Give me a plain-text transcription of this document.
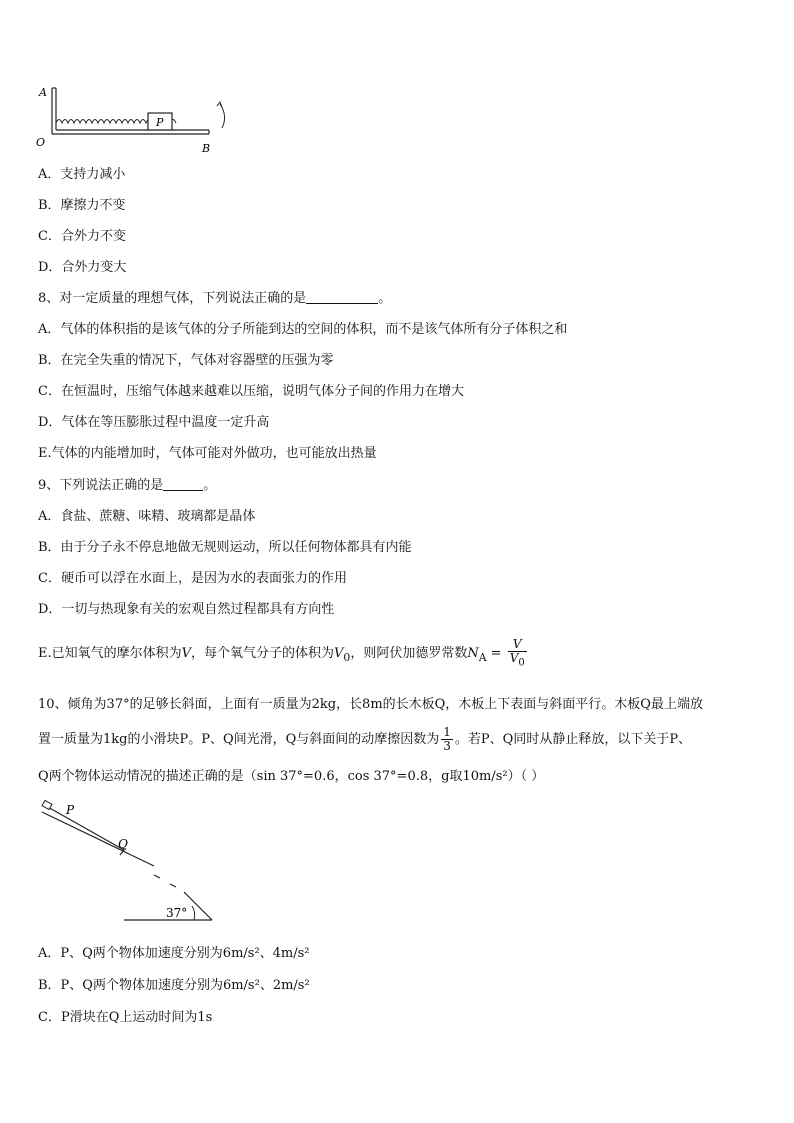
A
O	B
P
A．支持力减小
B．摩擦力不变
C．合外力不变
D．合外力变大
8、对一定质量的理想气体，下列说法正确的是	。
A．气体的体积指的是该气体的分子所能到达的空间的体积，而不是该气体所有分子体积之和
B．在完全失重的情况下，气体对容器壁的压强为零
C．在恒温时，压缩气体越来越难以压缩，说明气体分子间的作用力在增大
D．气体在等压膨胀过程中温度一定升高
E.气体的内能增加时，气体可能对外做功，也可能放出热量
9、下列说法正确的是	。
A．食盐、蔗糖、味精、玻璃都是晶体
B．由于分子永不停息地做无规则运动，所以任何物体都具有内能
C．硬币可以浮在水面上，是因为水的表面张力的作用
D．一切与热现象有关的宏观自然过程都具有方向性
E.已知氧气的摩尔体积为V，每个氧气分子的体积为$V_0$，则阿伏加德罗常数$N_A = \frac{V}{V_0}$
10、倾角为37°的足够长斜面，上面有一质量为2kg，长8m的长木板Q，木板上下表面与斜面平行。木板Q最上端放
置一质量为1kg的小滑块P。P、Q间光滑，Q与斜面间的动摩擦因数为 $\frac{1}{3}$ 。若P、Q同时从静止释放，以下关于P、
Q两个物体运动情况的描述正确的是（sin 37°=0.6，cos 37°=0.8，g取10m/s²）（ ）
P
Q
37°
A．P、Q两个物体加速度分别为6m/s²、4m/s²
B．P、Q两个物体加速度分别为6m/s²、2m/s²
C．P滑块在Q上运动时间为1s
